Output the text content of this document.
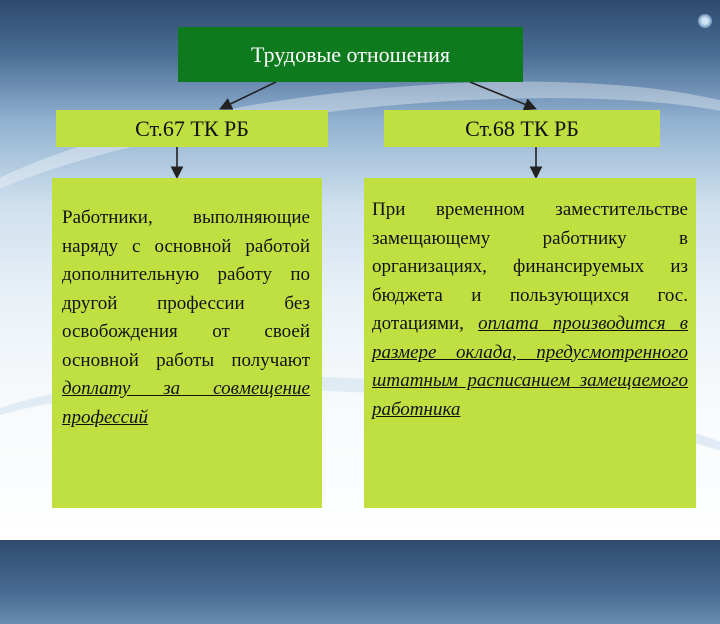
Трудовые отношения
Ст.67 ТК РБ	Ст.68 ТК РБ
Работники, выполняющие наряду с основной работой дополнительную работу по другой профессии без освобождения от своей основной работы получают доплату за совмещение профессий
При временном заместительстве замещающему работнику в организациях, финансируемых из бюджета и пользующихся гос. дотациями, оплата производится в размере оклада, предусмотренного штатным расписанием замещаемого работника
